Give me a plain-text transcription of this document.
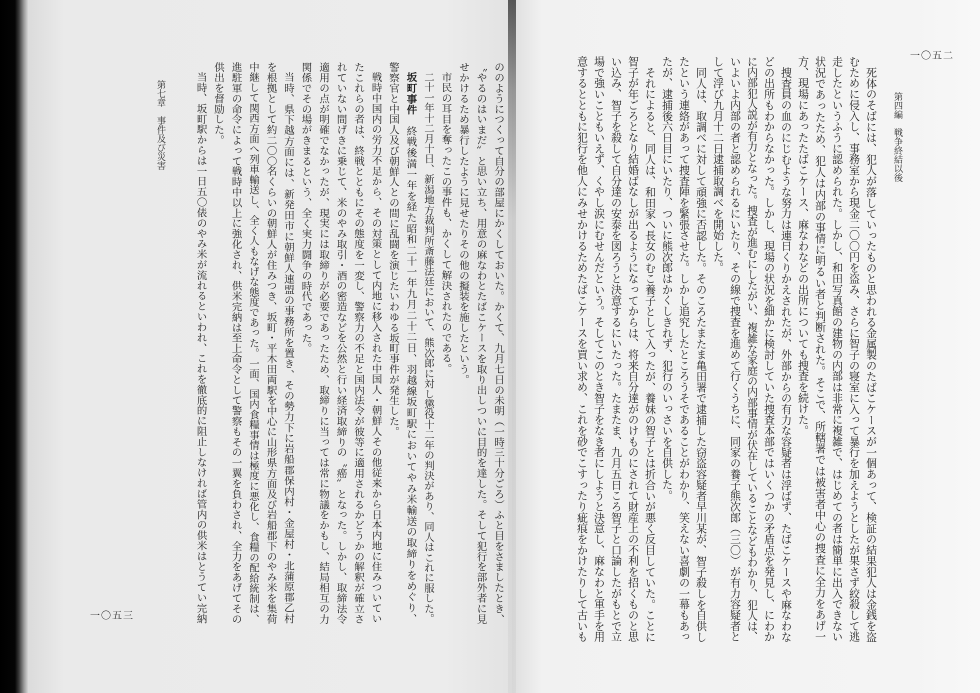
一〇五二
第四編　戦争終結以後

死体のそばには、犯人が落していったものと思われる金属製のたばこケースが一個あって、検証の結果犯人は金銭を盗

むために侵入し、事務室から現金二〇〇円を盗み、さらに智子の寝室に入って暴行を加えようとしたが果さず絞殺して逃

走したというふうに認められた。しかし、和田写真館の建物の内部は非常に複雑で、はじめての者は簡単に出入できない

状況であったため、犯人は内部の事情に明るい者と判断された。そこで、所轄署では被害者中心の捜査に全力をあげ一

方、現場にあったたばこケース、麻なわなどの出所についても捜査を続けた。

捜査員の血のにじむような努力は連日くりかえされたが、外部からの有力な容疑者は浮ばず、たばこケースや麻なわな

どの出所もわからなかった。しかし、現場の状況を細かに検討していた捜査本部ではいくつかの矛盾点を発見し、にわか

に内部犯人説が有力となった。捜査が進むにしたがい、複雑な家庭の内部事情が伏在していることなどもわかり、犯人は、

いよいよ内部の者と認められるにいたり、その線で捜査を進めて行くうちに、同家の養子熊次郎（三〇）が有力容疑者と

して浮び九月十二日逮捕取調べを開始した。

同人は、取調べに対して頑強に否認した。そのころたまたま亀田署で逮捕した窃盗容疑者早川某が、智子殺しを自供し

たという連絡があって捜査陣を緊張させた。しかし追究したところうそであることがわかり、笑えない喜劇の一幕もあっ

たが、逮捕後六日目にいたり、ついに熊次郎はかくしきれず、犯行のいっさいを自供した。

それによると、同人は、和田家へ長女のむこ養子として入ったが、養妹の智子とは折合いが悪く反目していた。ことに

智子が年ごろとなり結婚ばなしが出るようになってからは、将来自分達がのけものにされて財産上の不利を招くものと思

い込み、智子を殺して自分達の安泰を図ろうと決意するにいたった。たまたま、九月五日ころ智子と口論したがもとで立

場で強いこともいえず、くやし涙にむせんだという。そしてこのとき智子をなき者にしようと決意し、麻なわと軍手を用

意するとともに犯行を他人にみせかけるためたばこケースを買い求め、これを砂でこすったり疵痕をかけたりして古いも

第七章　事件及び災害
一〇五三	ののようにつくって自分の部屋にかくしておいた。かくて、九月七日の未明（一時三十分ごろ）ふと目をさましたとき、

〝やるのはいまだ〟と思い立ち、用意の麻なわとたばこケースを取り出しついに目的を達した。そして犯行を部外者に見

せかけるため暴行したように見せたりその他の擬装を施したという。

市民の耳目を奪ったこの事件も、かくして解決されたのである。

二十一年十二月十日、新潟地方裁判所斎藤法廷において、熊次郎に対し懲役十二年の判決があり、同人はこれに服した。

坂町事件終戦後満一年を経た昭和二十一年九月二十二日、羽越線坂町駅においてやみ米輸送の取締りをめぐり、

警察官と中国人及び朝鮮人との間に乱闘を演じたいわゆる坂町事件が発生した。

戦時中国内の労力不足から、その対策として内地に移入された中国人・朝鮮人その他従来から日本内地に住みついてい

たこれらの者は、終戦とともにその態度を一変し、警察力の不足と国内法令が彼等に適用されるかどうかの解釈が確立さ

れていない間げきに乗じて、米のやみ取引・酒の密造などを公然と行い経済取締りの〝癌〟となった。しかし、取締法令

適用の点が明確でなかったが、現実には取締りが必要であったため、取締りに当っては常に物議をかもし、結局相互の力

関係でその場がきまるという、全く実力闘争の時代であった。

当時、県下越方面には、新発田市に朝鮮人連盟の事務所を置き、その勢力下に岩船郡保内村・金屋村・北蒲原郡乙村

を根拠として約二〇〇名くらいの朝鮮人が住みつき、坂町・平木田両駅を中心に山形県方面及び岩船郡下のやみ米を集荷

中継して関西方面へ列車輸送し、全く人もなげな態度であった。一面、国内食糧事情は極度に悪化し、食糧の配給統制は、

進駐軍の命令によって戦時中以上に強化され、供米完納は至上命令として警察もその一翼を負わされ、全力をあげてその

供出を督励した。

当時、坂町駅からは一日五〇俵のやみ米が流れるといわれ、これを徹底的に阻止しなければ管内の供米はとうてい完納
